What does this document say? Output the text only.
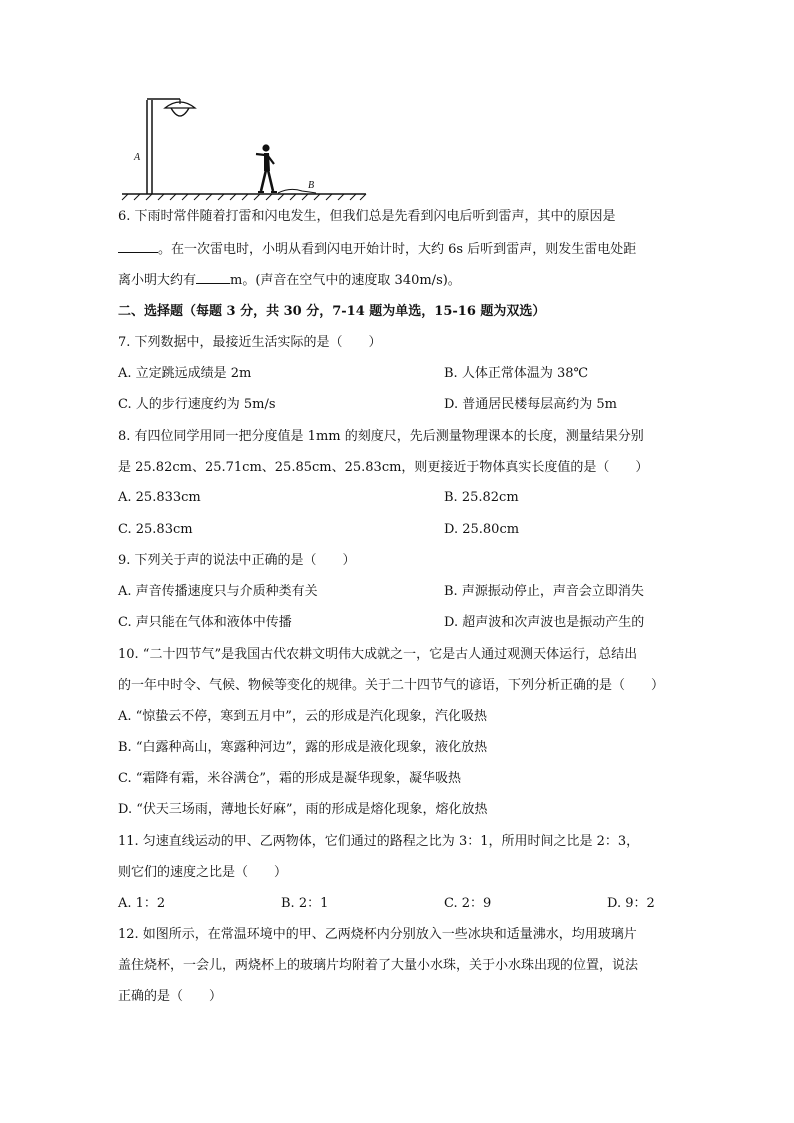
A
B
6. 下雨时常伴随着打雷和闪电发生，但我们总是先看到闪电后听到雷声，其中的原因是
。在一次雷电时，小明从看到闪电开始计时，大约 6s 后听到雷声，则发生雷电处距
离小明大约有	m。(声音在空气中的速度取 340m/s)。
二、选择题（每题 3 分，共 30 分，7-14 题为单选，15-16 题为双选）
7. 下列数据中，最接近生活实际的是（　　）
A. 立定跳远成绩是 2m	B. 人体正常体温为 38℃
C. 人的步行速度约为 5m/s	D. 普通居民楼每层高约为 5m
8. 有四位同学用同一把分度值是 1mm 的刻度尺，先后测量物理课本的长度，测量结果分别
是 25.82cm、25.71cm、25.85cm、25.83cm，则更接近于物体真实长度值的是（　　）
A. 25.833cm	B. 25.82cm
C. 25.83cm	D. 25.80cm
9. 下列关于声的说法中正确的是（　　）
A. 声音传播速度只与介质种类有关	B. 声源振动停止，声音会立即消失
C. 声只能在气体和液体中传播	D. 超声波和次声波也是振动产生的
10. “二十四节气”是我国古代农耕文明伟大成就之一，它是古人通过观测天体运行，总结出
的一年中时令、气候、物候等变化的规律。关于二十四节气的谚语，下列分析正确的是（　　）
A. “惊蛰云不停，寒到五月中”，云的形成是汽化现象，汽化吸热
B. “白露种高山，寒露种河边”，露的形成是液化现象，液化放热
C. “霜降有霜，米谷满仓”，霜的形成是凝华现象，凝华吸热
D. “伏天三场雨，薄地长好麻”，雨的形成是熔化现象，熔化放热
11. 匀速直线运动的甲、乙两物体，它们通过的路程之比为 3：1，所用时间之比是 2：3，
则它们的速度之比是（　　）
A. 1：2	B. 2：1	C. 2：9	D. 9：2
12. 如图所示，在常温环境中的甲、乙两烧杯内分别放入一些冰块和适量沸水，均用玻璃片
盖住烧杯，一会儿，两烧杯上的玻璃片均附着了大量小水珠，关于小水珠出现的位置，说法
正确的是（　　）
